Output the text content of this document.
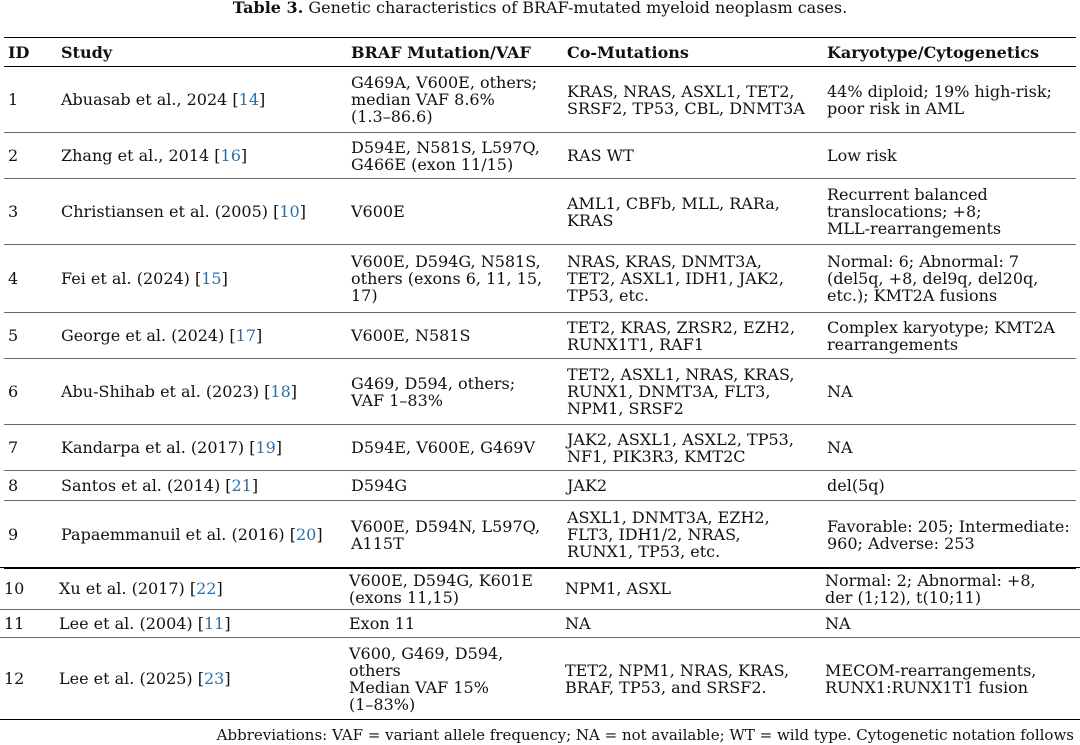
Table 3. Genetic characteristics of BRAF-mutated myeloid neoplasm cases.
ID	Study	BRAF Mutation/VAF	Co-Mutations	Karyotype/Cytogenetics
1	Abuasab et al., 2024 [14]	G469A, V600E, others;
median VAF 8.6%
(1.3–86.6)	KRAS, NRAS, ASXL1, TET2,
SRSF2, TP53, CBL, DNMT3A	44% diploid; 19% high-risk;
poor risk in AML

2	Zhang et al., 2014 [16]	D594E, N581S, L597Q,
G466E (exon 11/15)	RAS WT	Low risk

3	Christiansen et al. (2005) [10]	V600E	AML1, CBFb, MLL, RARa,
KRAS	Recurrent balanced
translocations; +8;
MLL-rearrangements

4	Fei et al. (2024) [15]	V600E, D594G, N581S,
others (exons 6, 11, 15,
17)	NRAS, KRAS, DNMT3A,
TET2, ASXL1, IDH1, JAK2,
TP53, etc.	Normal: 6; Abnormal: 7
(del5q, +8, del9q, del20q,
etc.); KMT2A fusions

5	George et al. (2024) [17]	V600E, N581S	TET2, KRAS, ZRSR2, EZH2,
RUNX1T1, RAF1	Complex karyotype; KMT2A
rearrangements

6	Abu-Shihab et al. (2023) [18]	G469, D594, others;
VAF 1–83%	TET2, ASXL1, NRAS, KRAS,
RUNX1, DNMT3A, FLT3,
NPM1, SRSF2	NA

7	Kandarpa et al. (2017) [19]	D594E, V600E, G469V	JAK2, ASXL1, ASXL2, TP53,
NF1, PIK3R3, KMT2C	NA

8	Santos et al. (2014) [21]	D594G	JAK2	del(5q)

9	Papaemmanuil et al. (2016) [20]	V600E, D594N, L597Q,
A115T	ASXL1, DNMT3A, EZH2,
FLT3, IDH1/2, NRAS,
RUNX1, TP53, etc.	Favorable: 205; Intermediate:
960; Adverse: 253
10	Xu et al. (2017) [22]	V600E, D594G, K601E
(exons 11,15)	NPM1, ASXL	Normal: 2; Abnormal: +8,
der (1;12), t(10;11)

11	Lee et al. (2004) [11]	Exon 11	NA	NA

12	Lee et al. (2025) [23]	V600, G469, D594,
others
Median VAF 15%
(1–83%)	TET2, NPM1, NRAS, KRAS,
BRAF, TP53, and SRSF2.	MECOM-rearrangements,
RUNX1:RUNX1T1 fusion
Abbreviations: VAF = variant allele frequency; NA = not available; WT = wild type. Cytogenetic notation follows
